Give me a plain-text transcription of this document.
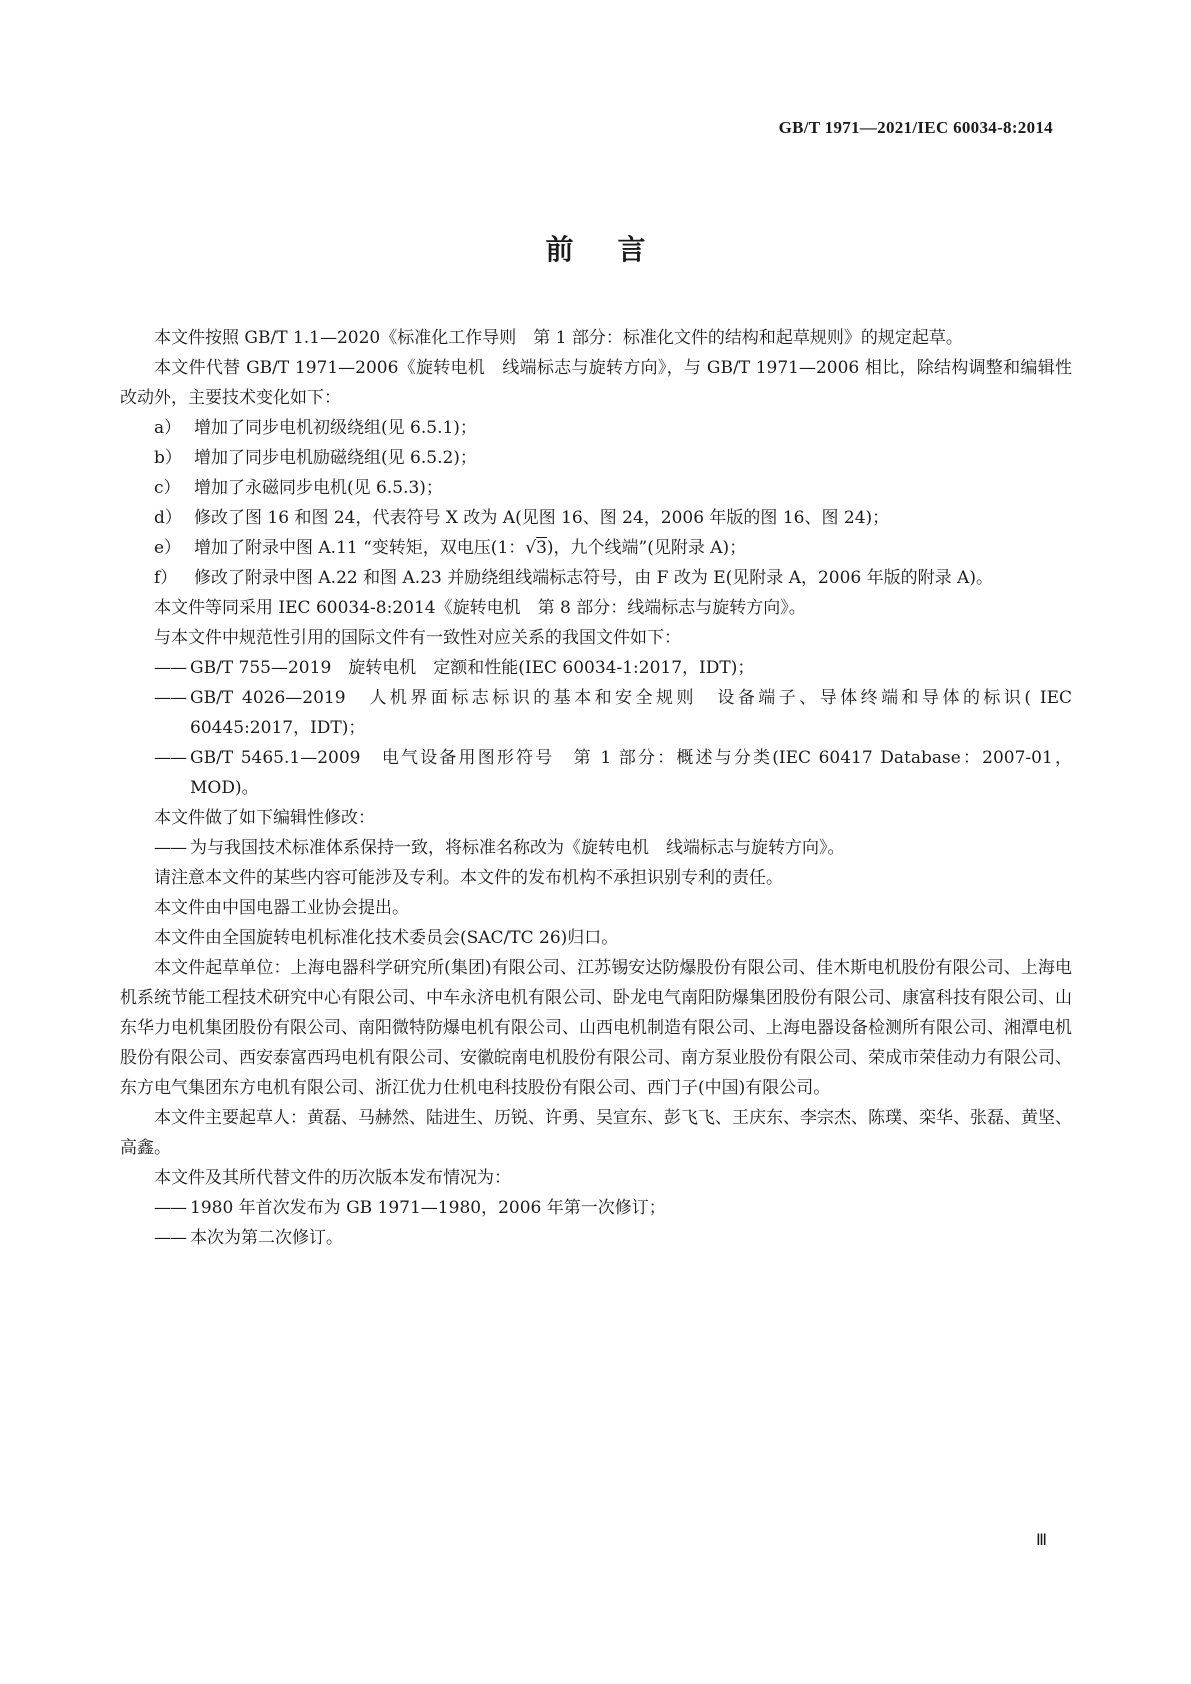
GB/T 1971—2021/IEC 60034-8:2014
前言

本文件按照 GB/T 1.1—2020《标准化工作导则　第 1 部分：标准化文件的结构和起草规则》的规定起草。

本文件代替 GB/T 1971—2006《旋转电机　线端标志与旋转方向》，与 GB/T 1971—2006 相比，除结构调整和编辑性改动外，主要技术变化如下：

a） 增加了同步电机初级绕组(见 6.5.1)；
b） 增加了同步电机励磁绕组(见 6.5.2)；
c） 增加了永磁同步电机(见 6.5.3)；
d） 修改了图 16 和图 24，代表符号 X 改为 A(见图 16、图 24，2006 年版的图 16、图 24)；
e） 增加了附录中图 A.11 “变转矩，双电压(1：√3)，九个线端”(见附录 A)；
f） 修改了附录中图 A.22 和图 A.23 并励绕组线端标志符号，由 F 改为 E(见附录 A，2006 年版的附录 A)。

本文件等同采用 IEC 60034-8:2014《旋转电机　第 8 部分：线端标志与旋转方向》。

与本文件中规范性引用的国际文件有一致性对应关系的我国文件如下：

—— GB/T 755—2019　旋转电机　定额和性能(IEC 60034-1:2017，IDT)；
—— GB/T 4026—2019　人机界面标志标识的基本和安全规则　设备端子、导体终端和导体的标识( IEC 60445:2017，IDT)；
—— GB/T 5465.1—2009　电气设备用图形符号　第 1 部分：概述与分类(IEC 60417 Database：2007-01，MOD)。

本文件做了如下编辑性修改：

—— 为与我国技术标准体系保持一致，将标准名称改为《旋转电机　线端标志与旋转方向》。

请注意本文件的某些内容可能涉及专利。本文件的发布机构不承担识别专利的责任。

本文件由中国电器工业协会提出。

本文件由全国旋转电机标准化技术委员会(SAC/TC 26)归口。

本文件起草单位：上海电器科学研究所(集团)有限公司、江苏锡安达防爆股份有限公司、佳木斯电机股份有限公司、上海电机系统节能工程技术研究中心有限公司、中车永济电机有限公司、卧龙电气南阳防爆集团股份有限公司、康富科技有限公司、山东华力电机集团股份有限公司、南阳微特防爆电机有限公司、山西电机制造有限公司、上海电器设备检测所有限公司、湘潭电机股份有限公司、西安泰富西玛电机有限公司、安徽皖南电机股份有限公司、南方泵业股份有限公司、荣成市荣佳动力有限公司、东方电气集团东方电机有限公司、浙江优力仕机电科技股份有限公司、西门子(中国)有限公司。

本文件主要起草人：黄磊、马赫然、陆进生、历锐、许勇、吴宣东、彭飞飞、王庆东、李宗杰、陈璞、栾华、张磊、黄坚、高鑫。

本文件及其所代替文件的历次版本发布情况为：

—— 1980 年首次发布为 GB 1971—1980，2006 年第一次修订；
—— 本次为第二次修订。
Ⅲ
